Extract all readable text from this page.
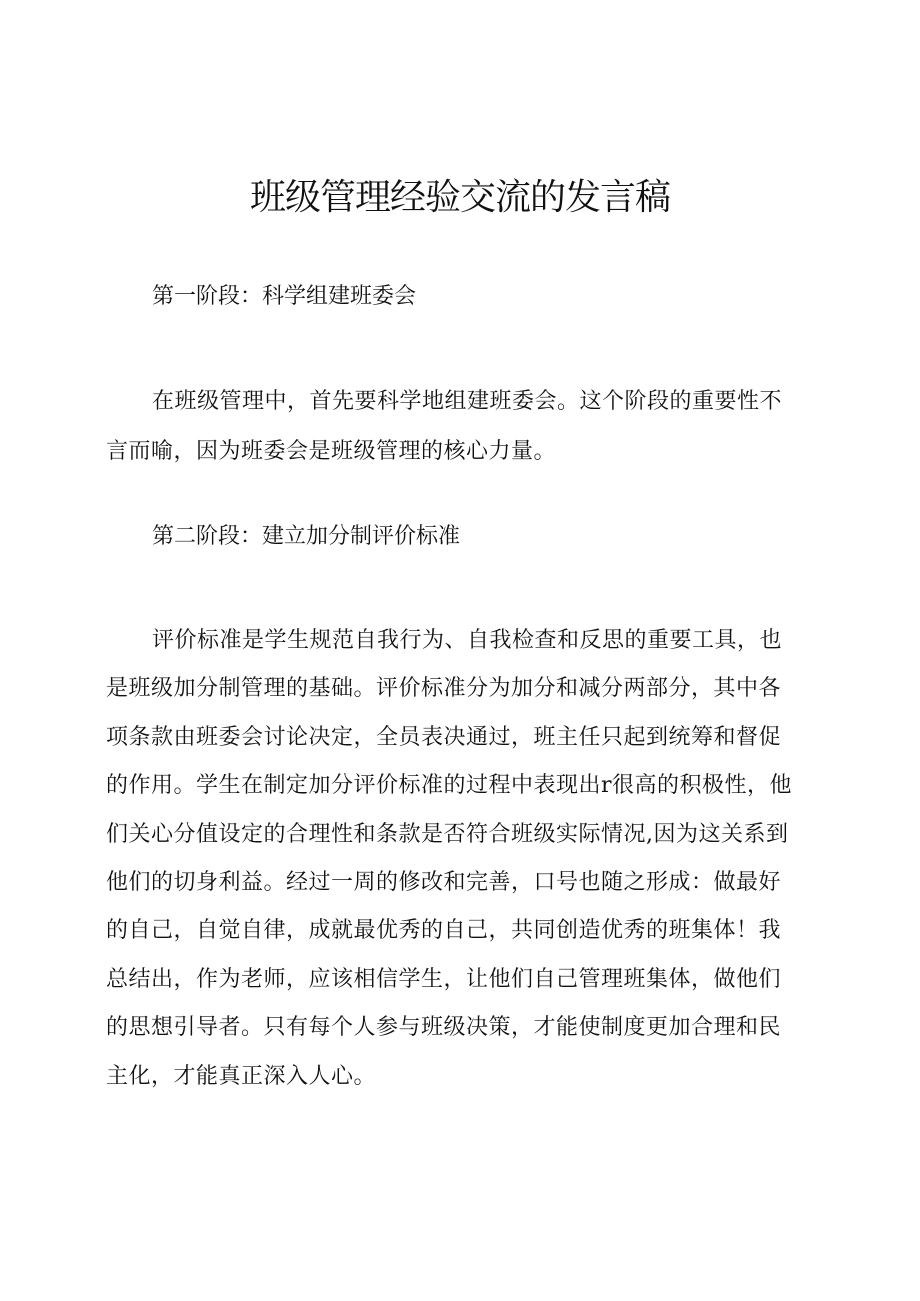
班级管理经验交流的发言稿
第一阶段：科学组建班委会
在班级管理中，首先要科学地组建班委会。这个阶段的重要性不
言而喻，因为班委会是班级管理的核心力量。
第二阶段：建立加分制评价标准
评价标准是学生规范自我行为、自我检查和反思的重要工具，也
是班级加分制管理的基础。评价标准分为加分和减分两部分，其中各
项条款由班委会讨论决定，全员表决通过，班主任只起到统筹和督促
的作用。学生在制定加分评价标准的过程中表现出r很高的积极性，他
们关心分值设定的合理性和条款是否符合班级实际情况,因为这关系到
他们的切身利益。经过一周的修改和完善，口号也随之形成：做最好
的自己，自觉自律，成就最优秀的自己，共同创造优秀的班集体！我
总结出，作为老师，应该相信学生，让他们自己管理班集体，做他们
的思想引导者。只有每个人参与班级决策，才能使制度更加合理和民
主化，才能真正深入人心。
